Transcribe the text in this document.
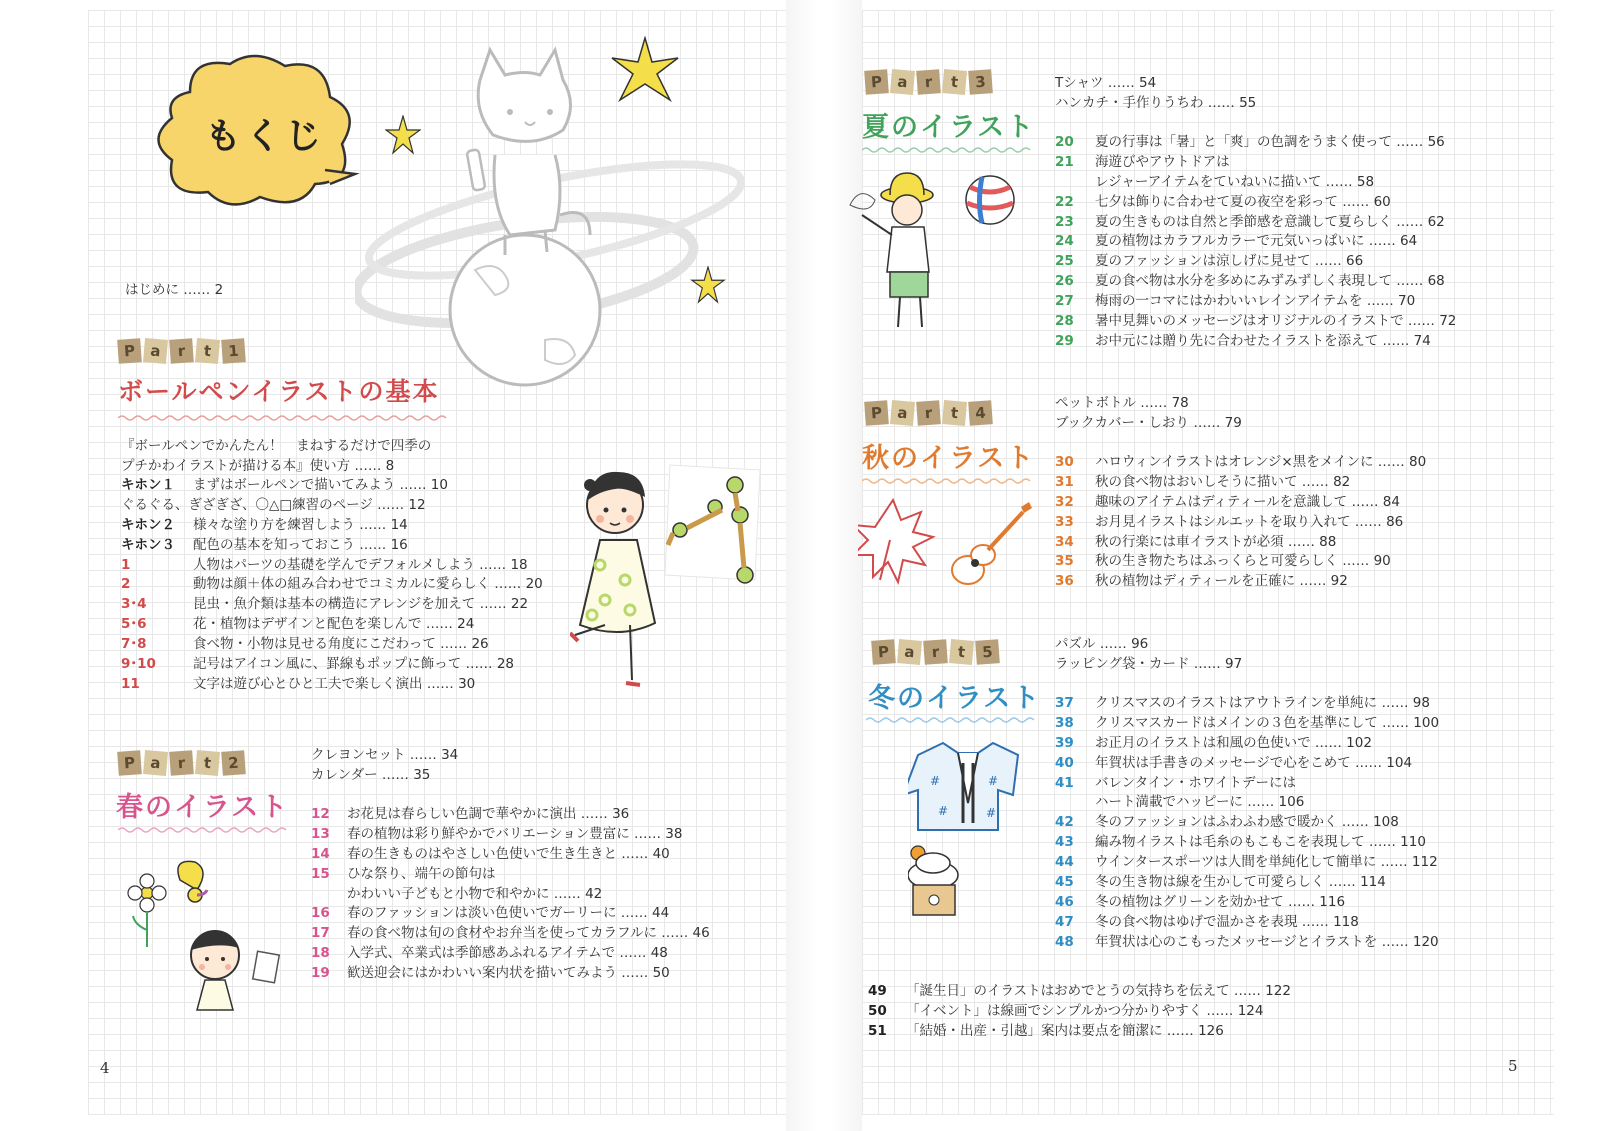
もくじ
はじめに …… 2
P a	r	t	1
ボールペンイラストの基本
『ボールペンでかんたん！　まねするだけで四季の
プチかわイラストが描ける本』使い方 …… 8
キホン１	まずはボールペンで描いてみよう …… 10
ぐるぐる、ぎざぎざ、〇△□練習のページ …… 12
キホン２	様々な塗り方を練習しよう …… 14
キホン３	配色の基本を知っておこう …… 16
1	人物はパーツの基礎を学んでデフォルメしよう …… 18
2	動物は顔＋体の組み合わせでコミカルに愛らしく …… 20
3･4	昆虫・魚介類は基本の構造にアレンジを加えて …… 22
5･6	花・植物はデザインと配色を楽しんで …… 24
7･8	食べ物・小物は見せる角度にこだわって …… 26
9･10	記号はアイコン風に、罫線もポップに飾って …… 28
11	文字は遊び心とひと工夫で楽しく演出 …… 30
P a	r	t	2
春のイラスト
クレヨンセット …… 34
カレンダー …… 35
12	お花見は春らしい色調で華やかに演出 …… 36
13	春の植物は彩り鮮やかでバリエーション豊富に …… 38
14	春の生きものはやさしい色使いで生き生きと …… 40
15	ひな祭り、端午の節句は
かわいい子どもと小物で和やかに …… 42
16	春のファッションは淡い色使いでガーリーに …… 44
17	春の食べ物は旬の食材やお弁当を使ってカラフルに …… 46
18	入学式、卒業式は季節感あふれるアイテムで …… 48
19	歓送迎会にはかわいい案内状を描いてみよう …… 50
4
P a	r	t	3
夏のイラスト
Tシャツ …… 54
ハンカチ・手作りうちわ …… 55
20	夏の行事は「暑」と「爽」の色調をうまく使って …… 56
21	海遊びやアウトドアは
レジャーアイテムをていねいに描いて …… 58
22	七夕は飾りに合わせて夏の夜空を彩って …… 60
23	夏の生きものは自然と季節感を意識して夏らしく …… 62
24	夏の植物はカラフルカラーで元気いっぱいに …… 64
25	夏のファッションは涼しげに見せて …… 66
26	夏の食べ物は水分を多めにみずみずしく表現して …… 68
27	梅雨の一コマにはかわいいレインアイテムを …… 70
28	暑中見舞いのメッセージはオリジナルのイラストで …… 72
29	お中元には贈り先に合わせたイラストを添えて …… 74
P a	r	t	4
秋のイラスト
ペットボトル …… 78
ブックカバー・しおり …… 79
30	ハロウィンイラストはオレンジ×黒をメインに …… 80
31	秋の食べ物はおいしそうに描いて …… 82
32	趣味のアイテムはディティールを意識して …… 84
33	お月見イラストはシルエットを取り入れて …… 86
34	秋の行楽には車イラストが必須 …… 88
35	秋の生き物たちはふっくらと可愛らしく …… 90
36	秋の植物はディティールを正確に …… 92
P a	r	t	5
冬のイラスト
パズル …… 96
ラッピング袋・カード …… 97
37	クリスマスのイラストはアウトラインを単純に …… 98
38	クリスマスカードはメインの３色を基準にして …… 100
39	お正月のイラストは和風の色使いで …… 102
40	年賀状は手書きのメッセージで心をこめて …… 104
41	バレンタイン・ホワイトデーには
ハート満載でハッピーに …… 106
42	冬のファッションはふわふわ感で暖かく …… 108
43	編み物イラストは毛糸のもこもこを表現して …… 110
44	ウインタースポーツは人間を単純化して簡単に …… 112
45	冬の生き物は線を生かして可愛らしく …… 114
46	冬の植物はグリーンを効かせて …… 116
47	冬の食べ物はゆげで温かさを表現 …… 118
48	年賀状は心のこもったメッセージとイラストを …… 120
#	#
#	#
49	「誕生日」のイラストはおめでとうの気持ちを伝えて …… 122
50	「イベント」は線画でシンプルかつ分かりやすく …… 124
51	「結婚・出産・引越」案内は要点を簡潔に …… 126
5
